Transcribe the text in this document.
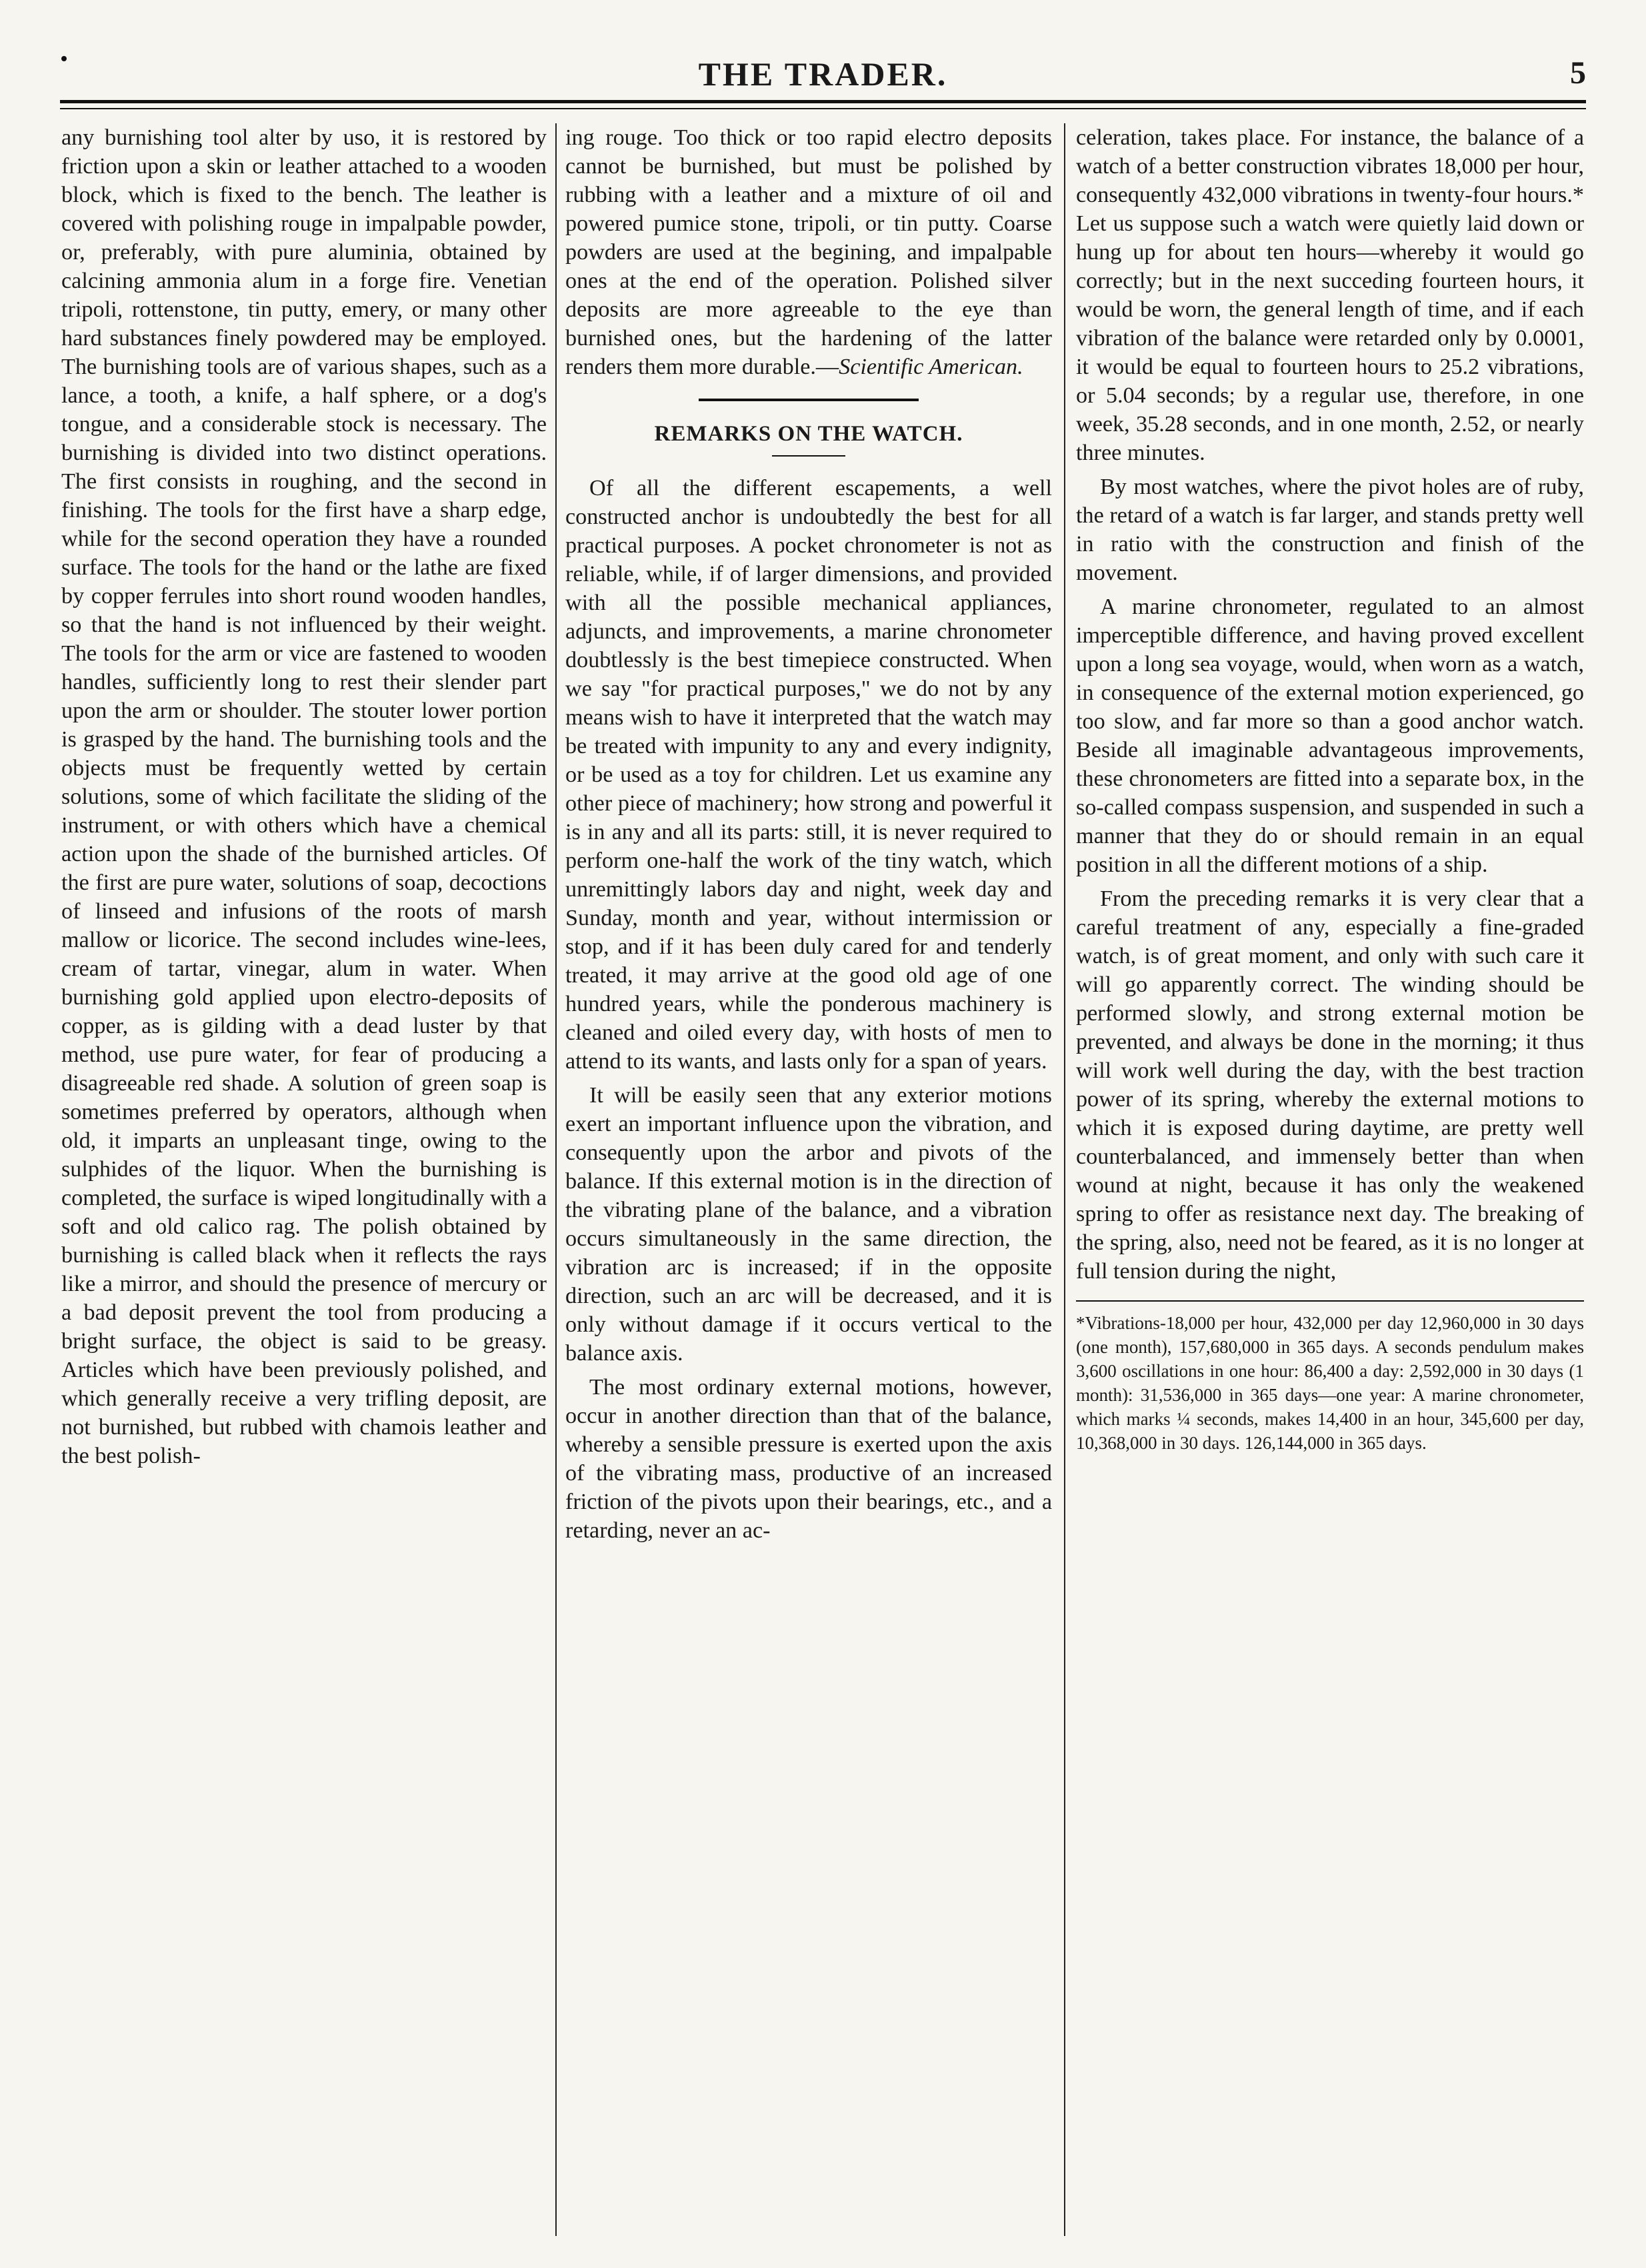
THE TRADER.	5

any burnishing tool alter by uso, it is restored by friction upon a skin or leather attached to a wooden block, which is fixed to the bench. The leather is covered with polishing rouge in impalpable powder, or, preferably, with pure aluminia, obtained by calcining ammonia alum in a forge fire. Venetian tripoli, rottenstone, tin putty, emery, or many other hard substances finely powdered may be employed. The burnishing tools are of various shapes, such as a lance, a tooth, a knife, a half sphere, or a dog's tongue, and a considerable stock is necessary. The burnishing is divided into two distinct operations. The first consists in roughing, and the second in finishing. The tools for the first have a sharp edge, while for the second operation they have a rounded surface. The tools for the hand or the lathe are fixed by copper ferrules into short round wooden handles, so that the hand is not influenced by their weight. The tools for the arm or vice are fastened to wooden handles, sufficiently long to rest their slender part upon the arm or shoulder. The stouter lower portion is grasped by the hand. The burnishing tools and the objects must be frequently wetted by certain solutions, some of which facilitate the sliding of the instrument, or with others which have a chemical action upon the shade of the burnished articles. Of the first are pure water, solutions of soap, decoctions of linseed and infusions of the roots of marsh mallow or licorice. The second includes wine-lees, cream of tartar, vinegar, alum in water. When burnishing gold applied upon electro-deposits of copper, as is gilding with a dead luster by that method, use pure water, for fear of producing a disagreeable red shade. A solution of green soap is sometimes preferred by operators, although when old, it imparts an unpleasant tinge, owing to the sulphides of the liquor. When the burnishing is completed, the surface is wiped longitudinally with a soft and old calico rag. The polish obtained by burnishing is called black when it reflects the rays like a mirror, and should the presence of mercury or a bad deposit prevent the tool from producing a bright surface, the object is said to be greasy. Articles which have been previously polished, and which generally receive a very trifling deposit, are not burnished, but rubbed with chamois leather and the best polish-

ing rouge. Too thick or too rapid electro deposits cannot be burnished, but must be polished by rubbing with a leather and a mixture of oil and powered pumice stone, tripoli, or tin putty. Coarse powders are used at the begining, and impalpable ones at the end of the operation. Polished silver deposits are more agreeable to the eye than burnished ones, but the hardening of the latter renders them more durable.—Scientific American.

REMARKS ON THE WATCH.

Of all the different escapements, a well constructed anchor is undoubtedly the best for all practical purposes. A pocket chronometer is not as reliable, while, if of larger dimensions, and provided with all the possible mechanical appliances, adjuncts, and improvements, a marine chronometer doubtlessly is the best timepiece constructed. When we say "for practical purposes," we do not by any means wish to have it interpreted that the watch may be treated with impunity to any and every indignity, or be used as a toy for children. Let us examine any other piece of machinery; how strong and powerful it is in any and all its parts: still, it is never required to perform one-half the work of the tiny watch, which unremittingly labors day and night, week day and Sunday, month and year, without intermission or stop, and if it has been duly cared for and tenderly treated, it may arrive at the good old age of one hundred years, while the ponderous machinery is cleaned and oiled every day, with hosts of men to attend to its wants, and lasts only for a span of years.

It will be easily seen that any exterior motions exert an important influence upon the vibration, and consequently upon the arbor and pivots of the balance. If this external motion is in the direction of the vibrating plane of the balance, and a vibration occurs simultaneously in the same direction, the vibration arc is increased; if in the opposite direction, such an arc will be decreased, and it is only without damage if it occurs vertical to the balance axis.

The most ordinary external motions, however, occur in another direction than that of the balance, whereby a sensible pressure is exerted upon the axis of the vibrating mass, productive of an increased friction of the pivots upon their bearings, etc., and a retarding, never an ac-

celeration, takes place. For instance, the balance of a watch of a better construction vibrates 18,000 per hour, consequently 432,000 vibrations in twenty-four hours.* Let us suppose such a watch were quietly laid down or hung up for about ten hours—whereby it would go correctly; but in the next succeding fourteen hours, it would be worn, the general length of time, and if each vibration of the balance were retarded only by 0.0001, it would be equal to fourteen hours to 25.2 vibrations, or 5.04 seconds; by a regular use, therefore, in one week, 35.28 seconds, and in one month, 2.52, or nearly three minutes.

By most watches, where the pivot holes are of ruby, the retard of a watch is far larger, and stands pretty well in ratio with the construction and finish of the movement.

A marine chronometer, regulated to an almost imperceptible difference, and having proved excellent upon a long sea voyage, would, when worn as a watch, in consequence of the external motion experienced, go too slow, and far more so than a good anchor watch. Beside all imaginable advantageous improvements, these chronometers are fitted into a separate box, in the so-called compass suspension, and suspended in such a manner that they do or should remain in an equal position in all the different motions of a ship.

From the preceding remarks it is very clear that a careful treatment of any, especially a fine-graded watch, is of great moment, and only with such care it will go apparently correct. The winding should be performed slowly, and strong external motion be prevented, and always be done in the morning; it thus will work well during the day, with the best traction power of its spring, whereby the external motions to which it is exposed during daytime, are pretty well counterbalanced, and immensely better than when wound at night, because it has only the weakened spring to offer as resistance next day. The breaking of the spring, also, need not be feared, as it is no longer at full tension during the night,

*Vibrations-18,000 per hour, 432,000 per day 12,960,000 in 30 days (one month), 157,680,000 in 365 days. A seconds pendulum makes 3,600 oscillations in one hour: 86,400 a day: 2,592,000 in 30 days (1 month): 31,536,000 in 365 days—one year: A marine chronometer, which marks ¼ seconds, makes 14,400 in an hour, 345,600 per day, 10,368,000 in 30 days. 126,144,000 in 365 days.
